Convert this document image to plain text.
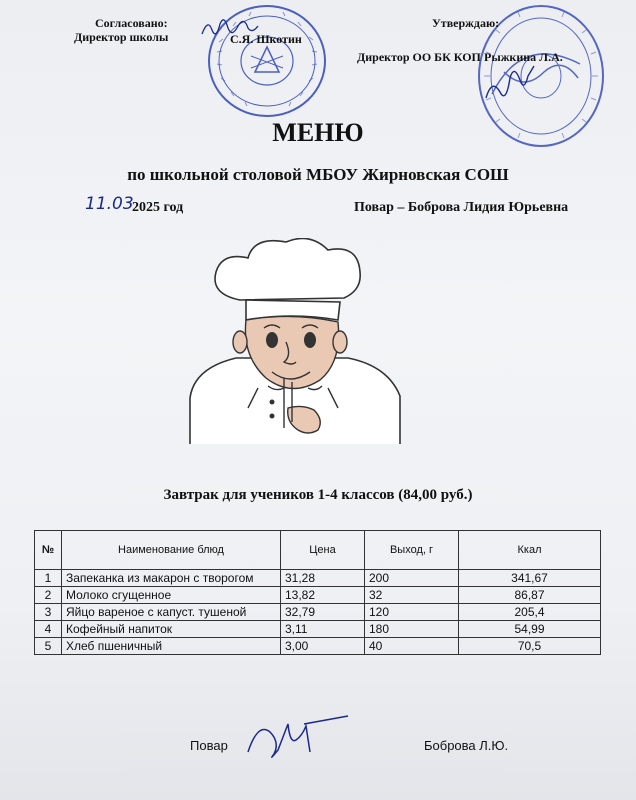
Согласовано:
Директор школы	С.Я. Шкотин
Утверждаю:
Директор ОО БК КОП Рыжкина Л.А.
МЕНЮ
по школьной столовой МБОУ Жирновская СОШ
11.03
2025 год	Повар – Боброва Лидия Юрьевна
Завтрак для учеников 1-4 классов (84,00 руб.)
№	Наименование блюд	Цена	Выход, г	Ккал
1	Запеканка из макарон с творогом	31,28	200	341,67
2	Молоко сгущенное	13,82	32	86,87
3	Яйцо вареное с капуст. тушеной	32,79	120	205,4
4	Кофейный напиток	3,11	180	54,99
5	Хлеб пшеничный	3,00	40	70,5
Повар	Боброва Л.Ю.
